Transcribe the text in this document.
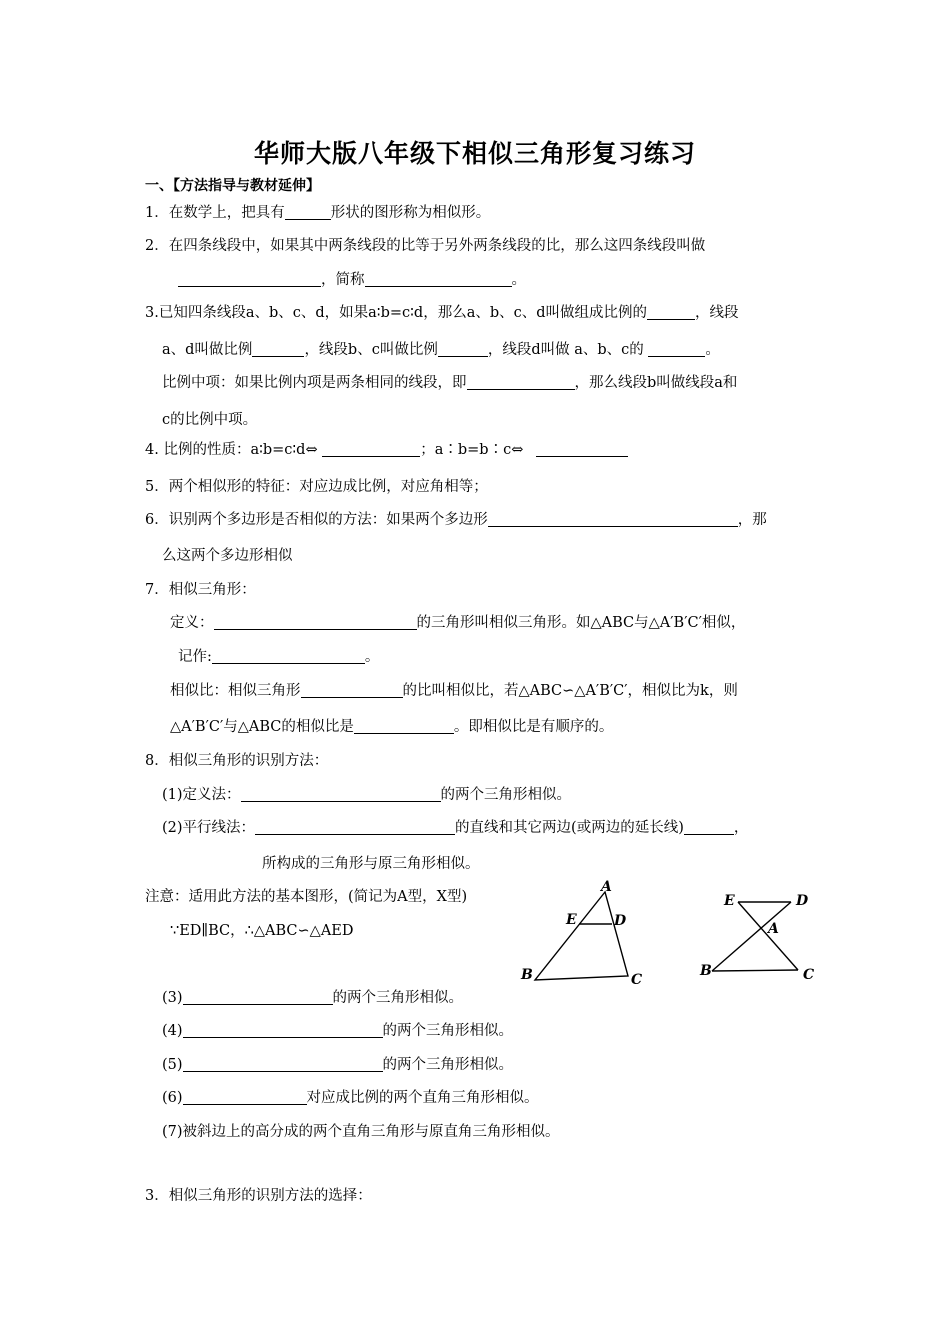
华师大版八年级下相似三角形复习练习
一、【方法指导与教材延伸】
1．在数学上，把具有	形状的图形称为相似形。
2．在四条线段中，如果其中两条线段的比等于另外两条线段的比，那么这四条线段叫做
，简称	。
3.已知四条线段a、b、c、d，如果a∶b=c∶d，那么a、b、c、d叫做组成比例的	，线段
a、d叫做比例	，线段b、c叫做比例	，线段d叫做 a、b、c的	。
比例中项：如果比例内项是两条相同的线段，即	，那么线段b叫做线段a和
c的比例中项。
4. 比例的性质：a∶b=c∶d⇔	；a∶b=b∶c⇔
5．两个相似形的特征：对应边成比例，对应角相等；
6．识别两个多边形是否相似的方法：如果两个多边形	，那
么这两个多边形相似
7．相似三角形：
定义：	的三角形叫相似三角形。如△ABC与△A′B′C′相似，
记作:	。
相似比：相似三角形	的比叫相似比，若△ABC∽△A′B′C′，相似比为k，则
△A′B′C′与△ABC的相似比是	。即相似比是有顺序的。
8．相似三角形的识别方法：
(1)定义法：	的两个三角形相似。
(2)平行线法：	的直线和其它两边(或两边的延长线)	，
所构成的三角形与原三角形相似。
注意：适用此方法的基本图形，(简记为A型，X型)
∵ED∥BC，∴△ABC∽△AED
A
E	D
B	C
E	D
A
B	C
(3)	的两个三角形相似。
(4)	的两个三角形相似。
(5)	的两个三角形相似。
(6)	对应成比例的两个直角三角形相似。
(7)被斜边上的高分成的两个直角三角形与原直角三角形相似。
3．相似三角形的识别方法的选择：
